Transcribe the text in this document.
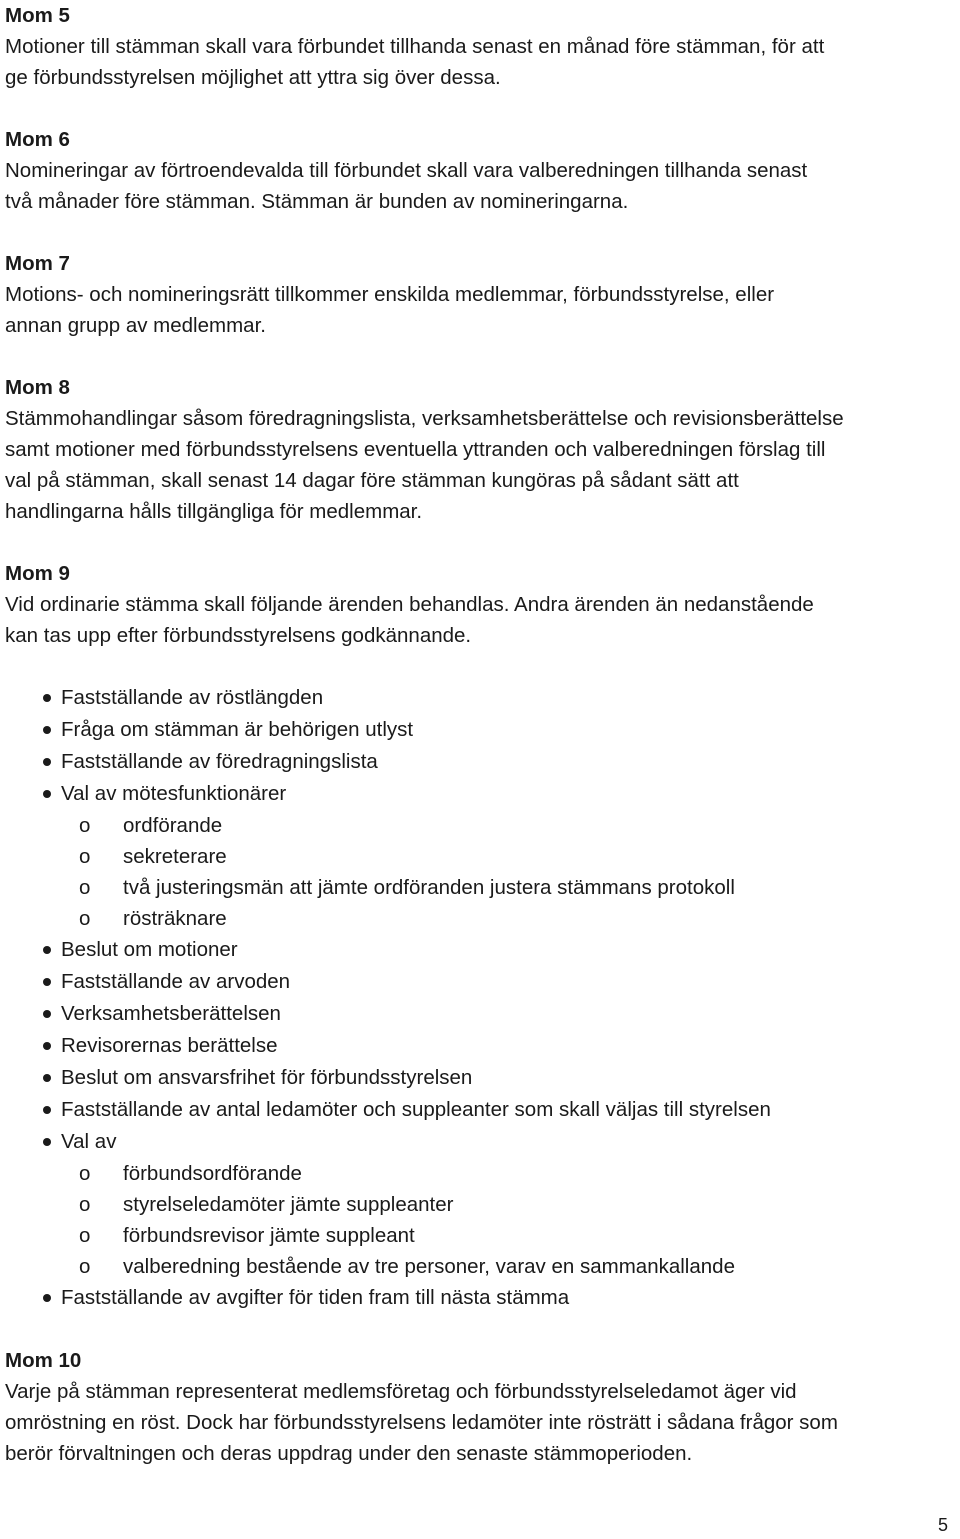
Mom 5
Motioner till stämman skall vara förbundet tillhanda senast en månad före stämman, för att
ge förbundsstyrelsen möjlighet att yttra sig över dessa.
Mom 6
Nomineringar av förtroendevalda till förbundet skall vara valberedningen tillhanda senast
två månader före stämman. Stämman är bunden av nomineringarna.
Mom 7
Motions- och nomineringsrätt tillkommer enskilda medlemmar, förbundsstyrelse, eller
annan grupp av medlemmar.
Mom 8
Stämmohandlingar såsom föredragningslista, verksamhetsberättelse och revisionsberättelse
samt motioner med förbundsstyrelsens eventuella yttranden och valberedningen förslag till
val på stämman, skall senast 14 dagar före stämman kungöras på sådant sätt att
handlingarna hålls tillgängliga för medlemmar.
Mom 9
Vid ordinarie stämma skall följande ärenden behandlas. Andra ärenden än nedanstående
kan tas upp efter förbundsstyrelsens godkännande.
Fastställande av röstlängden
Fråga om stämman är behörigen utlyst
Fastställande av föredragningslista
Val av mötesfunktionärer
o ordförande
o sekreterare
o två justeringsmän att jämte ordföranden justera stämmans protokoll
o rösträknare
Beslut om motioner
Fastställande av arvoden
Verksamhetsberättelsen
Revisorernas berättelse
Beslut om ansvarsfrihet för förbundsstyrelsen
Fastställande av antal ledamöter och suppleanter som skall väljas till styrelsen
Val av
o förbundsordförande
o styrelseledamöter jämte suppleanter
o förbundsrevisor jämte suppleant
o valberedning bestående av tre personer, varav en sammankallande
Fastställande av avgifter för tiden fram till nästa stämma
Mom 10
Varje på stämman representerat medlemsföretag och förbundsstyrelseledamot äger vid
omröstning en röst. Dock har förbundsstyrelsens ledamöter inte rösträtt i sådana frågor som
berör förvaltningen och deras uppdrag under den senaste stämmoperioden.
5
